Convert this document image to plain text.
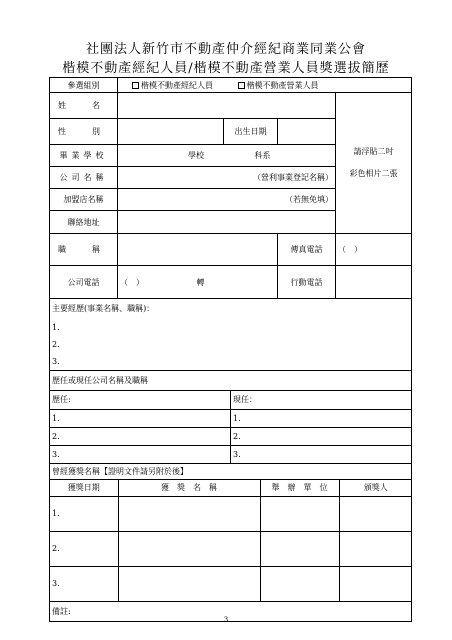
社團法人新竹市不動產仲介經紀商業同業公會
楷模不動產經紀人員/楷模不動產營業人員獎選拔簡歷
參選組別	楷模不動產經紀人員	楷模不動產營業人員
姓　名		
請浮貼二吋
彩色相片二張

性　別		出生日期	
畢業學校	學校	科系
公司名稱	（營利事業登記名稱）
加盟店名稱	（若無免填）
聯絡地址	
職　稱		傳真電話	（　）
公司電話	（　）	轉	行動電話	

主要經歷(事業名稱、職稱)：
1.
2.
3.

歷任或現任公司名稱及職稱

歷任:	現任：
1.	1.
2.	2.
3.	3.

曾經獲獎名稱【證明文件請另附於後】

獲獎日期	獲　獎　名　稱	舉　辦　單　位	頒獎人
1.			
2.			
3.			

備註:
3
